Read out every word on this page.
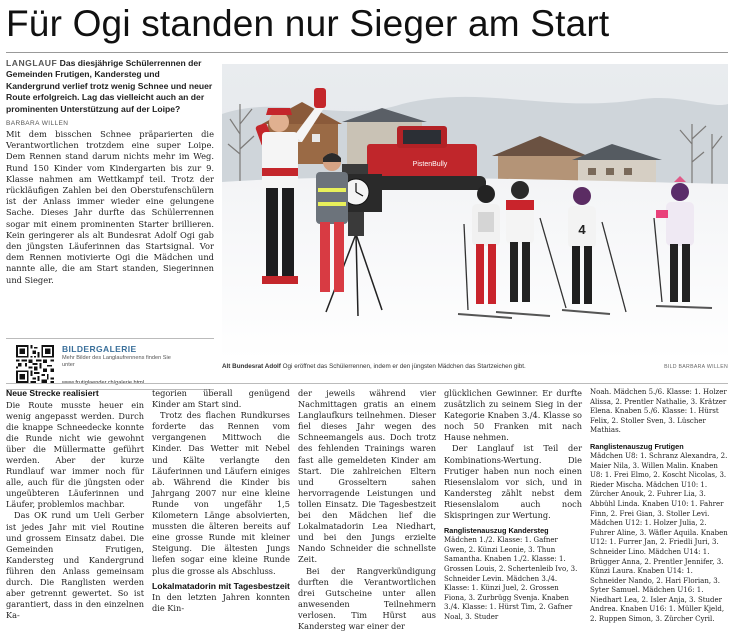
Für Ogi standen nur Sieger am Start
LANGLAUF Das diesjährige Schülerrennen der Gemeinden Frutigen, Kandersteg und Kandergrund verlief trotz wenig Schnee und neuer Route erfolgreich. Lag das vielleicht auch an der prominenten Unterstützung auf der Loipe?
BARBARA WILLEN

Mit dem bisschen Schnee präparierten die Verantwortlichen trotzdem eine super Loipe. Dem Rennen stand darum nichts mehr im Weg. Rund 150 Kinder vom Kindergarten bis zur 9. Klasse nahmen am Wettkampf teil. Trotz der rückläufigen Zahlen bei den Oberstufenschülern ist der Anlass immer wieder eine gelungene Sache. Dieses Jahr durfte das Schülerrennen sogar mit einem prominenten Starter brillieren. Kein geringerer als alt Bundesrat Adolf Ogi gab den jüngsten Läuferinnen das Startsignal. Vor dem Rennen motivierte Ogi die Mädchen und nannte alle, die am Start standen, Siegerinnen und Sieger.

BILDERGALERIE
Mehr Bilder des Langlaufrennens finden Sie unter
PistenBully
4
Alt Bundesrat Adolf Ogi eröffnet das Schülerrennen, indem er den jüngsten Mädchen das Startzeichen gibt.	BILD BARBARA WILLEN
Neue Strecke realisiert

Die Route musste heuer ein wenig angepasst werden. Durch die knappe Schneedecke konnte die Runde nicht wie gewohnt über die Müllermatte geführt werden. Aber der kurze Rundlauf war immer noch für alle, auch für die jüngsten oder ungeübteren Läuferinnen und Läufer, problemlos machbar.

Das OK rund um Ueli Gerber ist jedes Jahr mit viel Routine und grossem Einsatz dabei. Die Gemeinden Frutigen, Kandersteg und Kandergrund führen den Anlass gemeinsam durch. Die Ranglisten werden aber getrennt gewertet. So ist garantiert, dass in den einzelnen Ka-

tegorien überall genügend Kinder am Start sind.

Trotz des flachen Rundkurses forderte das Rennen vom vergangenen Mittwoch die Kinder. Das Wetter mit Nebel und Kälte verlangte den Läuferinnen und Läufern einiges ab. Während die Kinder bis Jahrgang 2007 nur eine kleine Runde von ungefähr 1,5 Kilometern Länge absolvierten, mussten die älteren bereits auf eine grosse Runde mit kleiner Steigung. Die ältesten Jungs liefen sogar eine kleine Runde plus die grosse als Abschluss.

Lokalmatadorin mit Tagesbestzeit

In den letzten Jahren konnten die Kin-

der jeweils während vier Nachmittagen gratis an einem Langlaufkurs teilnehmen. Dieser fiel dieses Jahr wegen des Schneemangels aus. Doch trotz des fehlenden Trainings waren fast alle gemeldeten Kinder am Start. Die zahlreichen Eltern und Grosseltern sahen hervorragende Leistungen und tollen Einsatz. Die Tagesbestzeit bei den Mädchen lief die Lokalmatadorin Lea Niedhart, und bei den Jungs erzielte Nando Schneider die schnellste Zeit.

Bei der Rangverkündigung durften die Verantwortlichen drei Gutscheine unter allen anwesenden Teilnehmern verlosen. Tim Hürst aus Kandersteg war einer der

glücklichen Gewinner. Er durfte zusätzlich zu seinem Sieg in der Kategorie Knaben 3./4. Klasse so noch 50 Franken mit nach Hause nehmen.

Der Langlauf ist Teil der Kombinations-Wertung. Die Frutiger haben nun noch einen Riesenslalom vor sich, und in Kandersteg zählt nebst dem Riesenslalom auch noch Skispringen zur Wertung.

Ranglistenauszug Kandersteg

Mädchen 1./2. Klasse: 1. Gafner Gwen, 2. Künzi Leonie, 3. Thun Samantha. Knaben 1./2. Klasse: 1. Grossen Louis, 2. Schertenleib Ivo, 3. Schneider Levin. Mädchen 3./4. Klasse: 1. Künzi Juel, 2. Grossen Fiona, 3. Zurbrügg Svenja. Knaben 3./4. Klasse: 1. Hürst Tim, 2. Gafner Noal, 3. Studer

Noah. Mädchen 5./6. Klasse: 1. Holzer Alissa, 2. Prentler Nathalie, 3. Krätzer Elena. Knaben 5./6. Klasse: 1. Hürst Felix, 2. Stoller Sven, 3. Lüscher Mathias.

Ranglistenauszug Frutigen

Mädchen U8: 1. Schranz Alexandra, 2. Maier Nila, 3. Willen Malin. Knaben U8: 1. Frei Elmo, 2. Koscht Nicolas, 3. Rieder Mischa. Mädchen U10: 1. Zürcher Anouk, 2. Fuhrer Lia, 3. Abbühl Linda. Knaben U10: 1. Fahrer Finn, 2. Frei Gian, 3. Stoller Levi. Mädchen U12: 1. Holzer Julia, 2. Fuhrer Aline, 3. Wäfler Aquila. Knaben U12: 1. Furrer Jan, 2. Friedli Juri, 3. Schneider Lino. Mädchen U14: 1. Brügger Anna, 2. Prentler Jennifer, 3. Künzi Laura. Knaben U14: 1. Schneider Nando, 2. Hari Florian, 3. Syter Samuel. Mädchen U16: 1. Niedhart Lea, 2. Isler Anja, 3. Studer Andrea. Knaben U16: 1. Müller Kjeld, 2. Ruppen Simon, 3. Zürcher Cyril.
